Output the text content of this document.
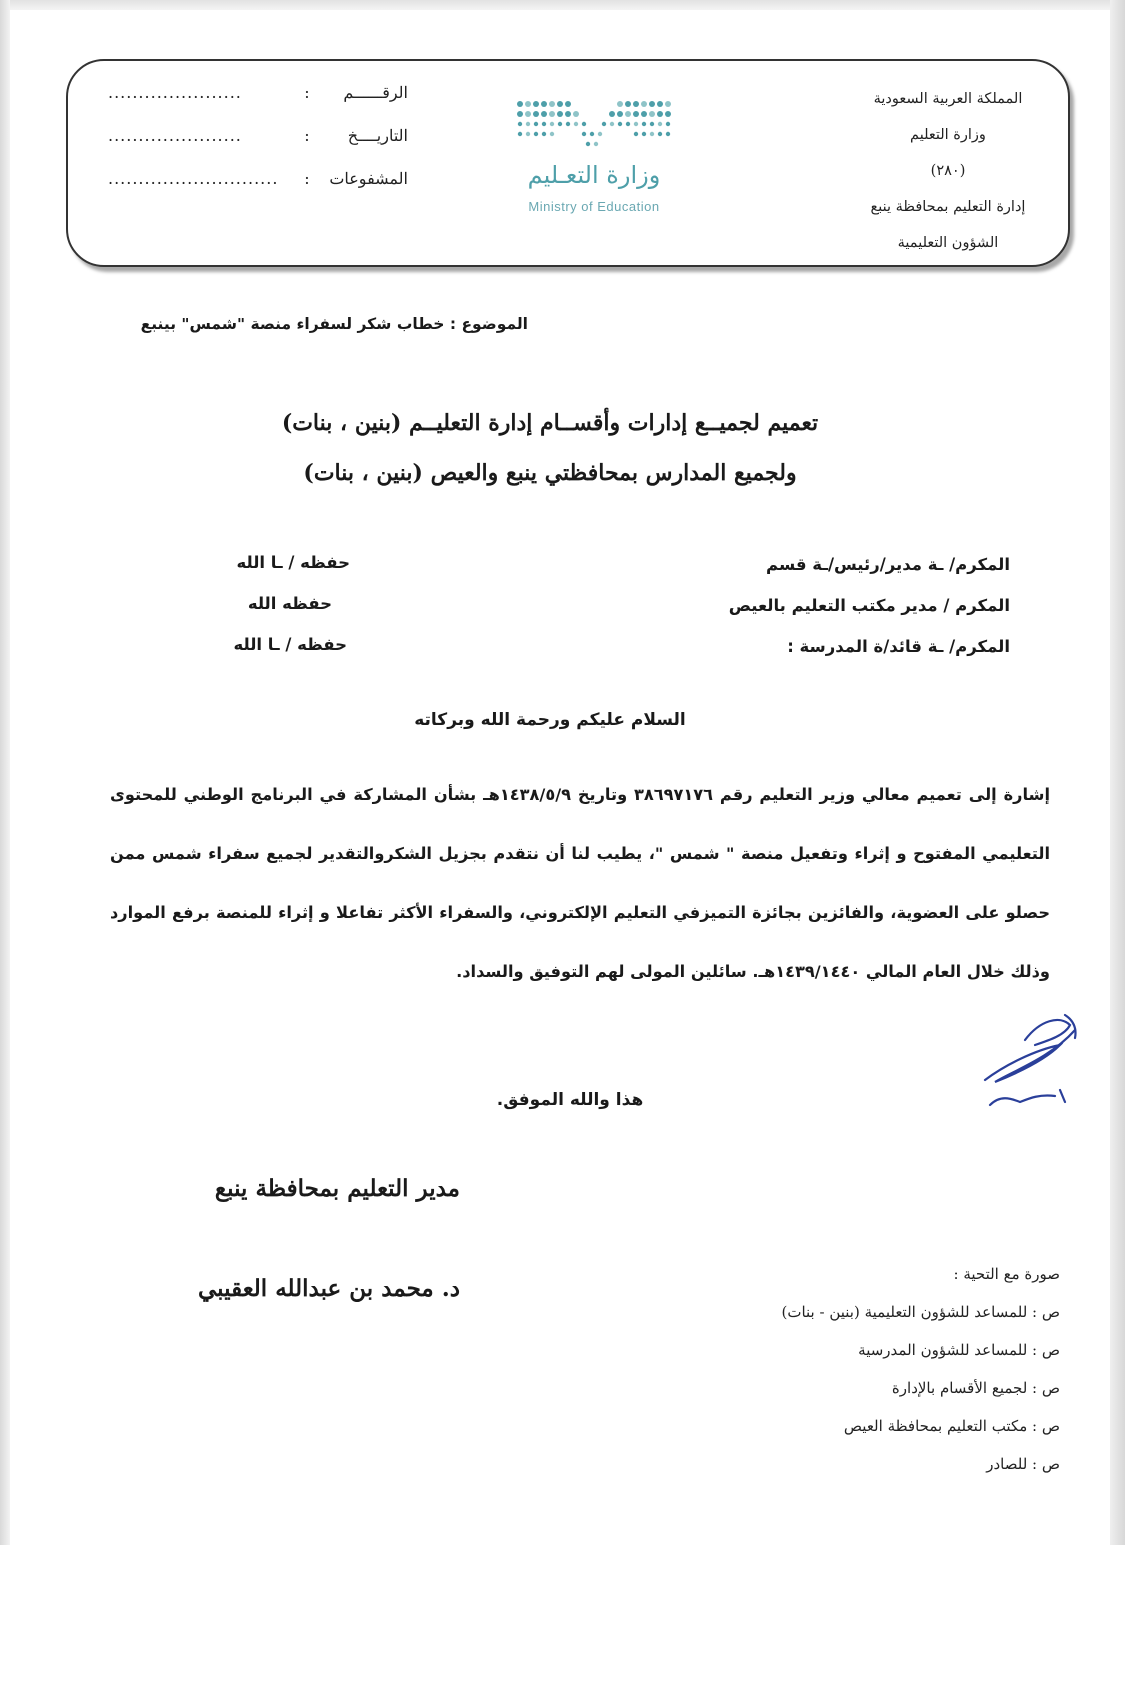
المملكة العربية السعودية
وزارة التعليم
(٢٨٠)
إدارة التعليم بمحافظة ينبع
الشؤون التعليمية
وزارة التعـليم
Ministry of Education
الرقــــــم
:
......................
التاريــــخ
:
......................
المشفوعات
:
............................
الموضوع : خطاب شكر لسفراء منصة "شمس" بينبع
تعميم لجميــع إدارات وأقســام إدارة التعليــم (بنين ، بنات)
ولجميع المدارس بمحافظتي ينبع والعيص (بنين ، بنات)
المكرم/ ـة مدير/رئيس/ـة قسم
حفظه / ـا الله
المكرم / مدير مكتب التعليم بالعيص
حفظه الله
المكرم/ ـة قائد/ة المدرسة :
حفظه / ـا الله
السلام عليكم ورحمة الله وبركاته
إشارة إلى تعميم معالي وزير التعليم رقم ٣٨٦٩٧١٧٦ وتاريخ ١٤٣٨/٥/٩هـ بشأن المشاركة في البرنامج الوطني للمحتوى
التعليمي المفتوح و إثراء وتفعيل منصة " شمس "، يطيب لنا أن نتقدم بجزيل الشكروالتقدير لجميع سفراء شمس ممن
حصلو على العضوية، والفائزين بجائزة التميزفي التعليم الإلكتروني، والسفراء الأكثر تفاعلا و إثراء للمنصة برفع الموارد
وذلك خلال العام المالي ١٤٣٩/١٤٤٠هـ. سائلين المولى لهم التوفيق والسداد.
هذا والله الموفق.
مدير التعليم بمحافظة ينبع
د. محمد بن عبدالله العقيبي
صورة مع التحية :
ص : للمساعد للشؤون التعليمية (بنين - بنات)
ص : للمساعد للشؤون المدرسية
ص : لجميع الأقسام بالإدارة
ص : مكتب التعليم بمحافظة العيص
ص : للصادر
